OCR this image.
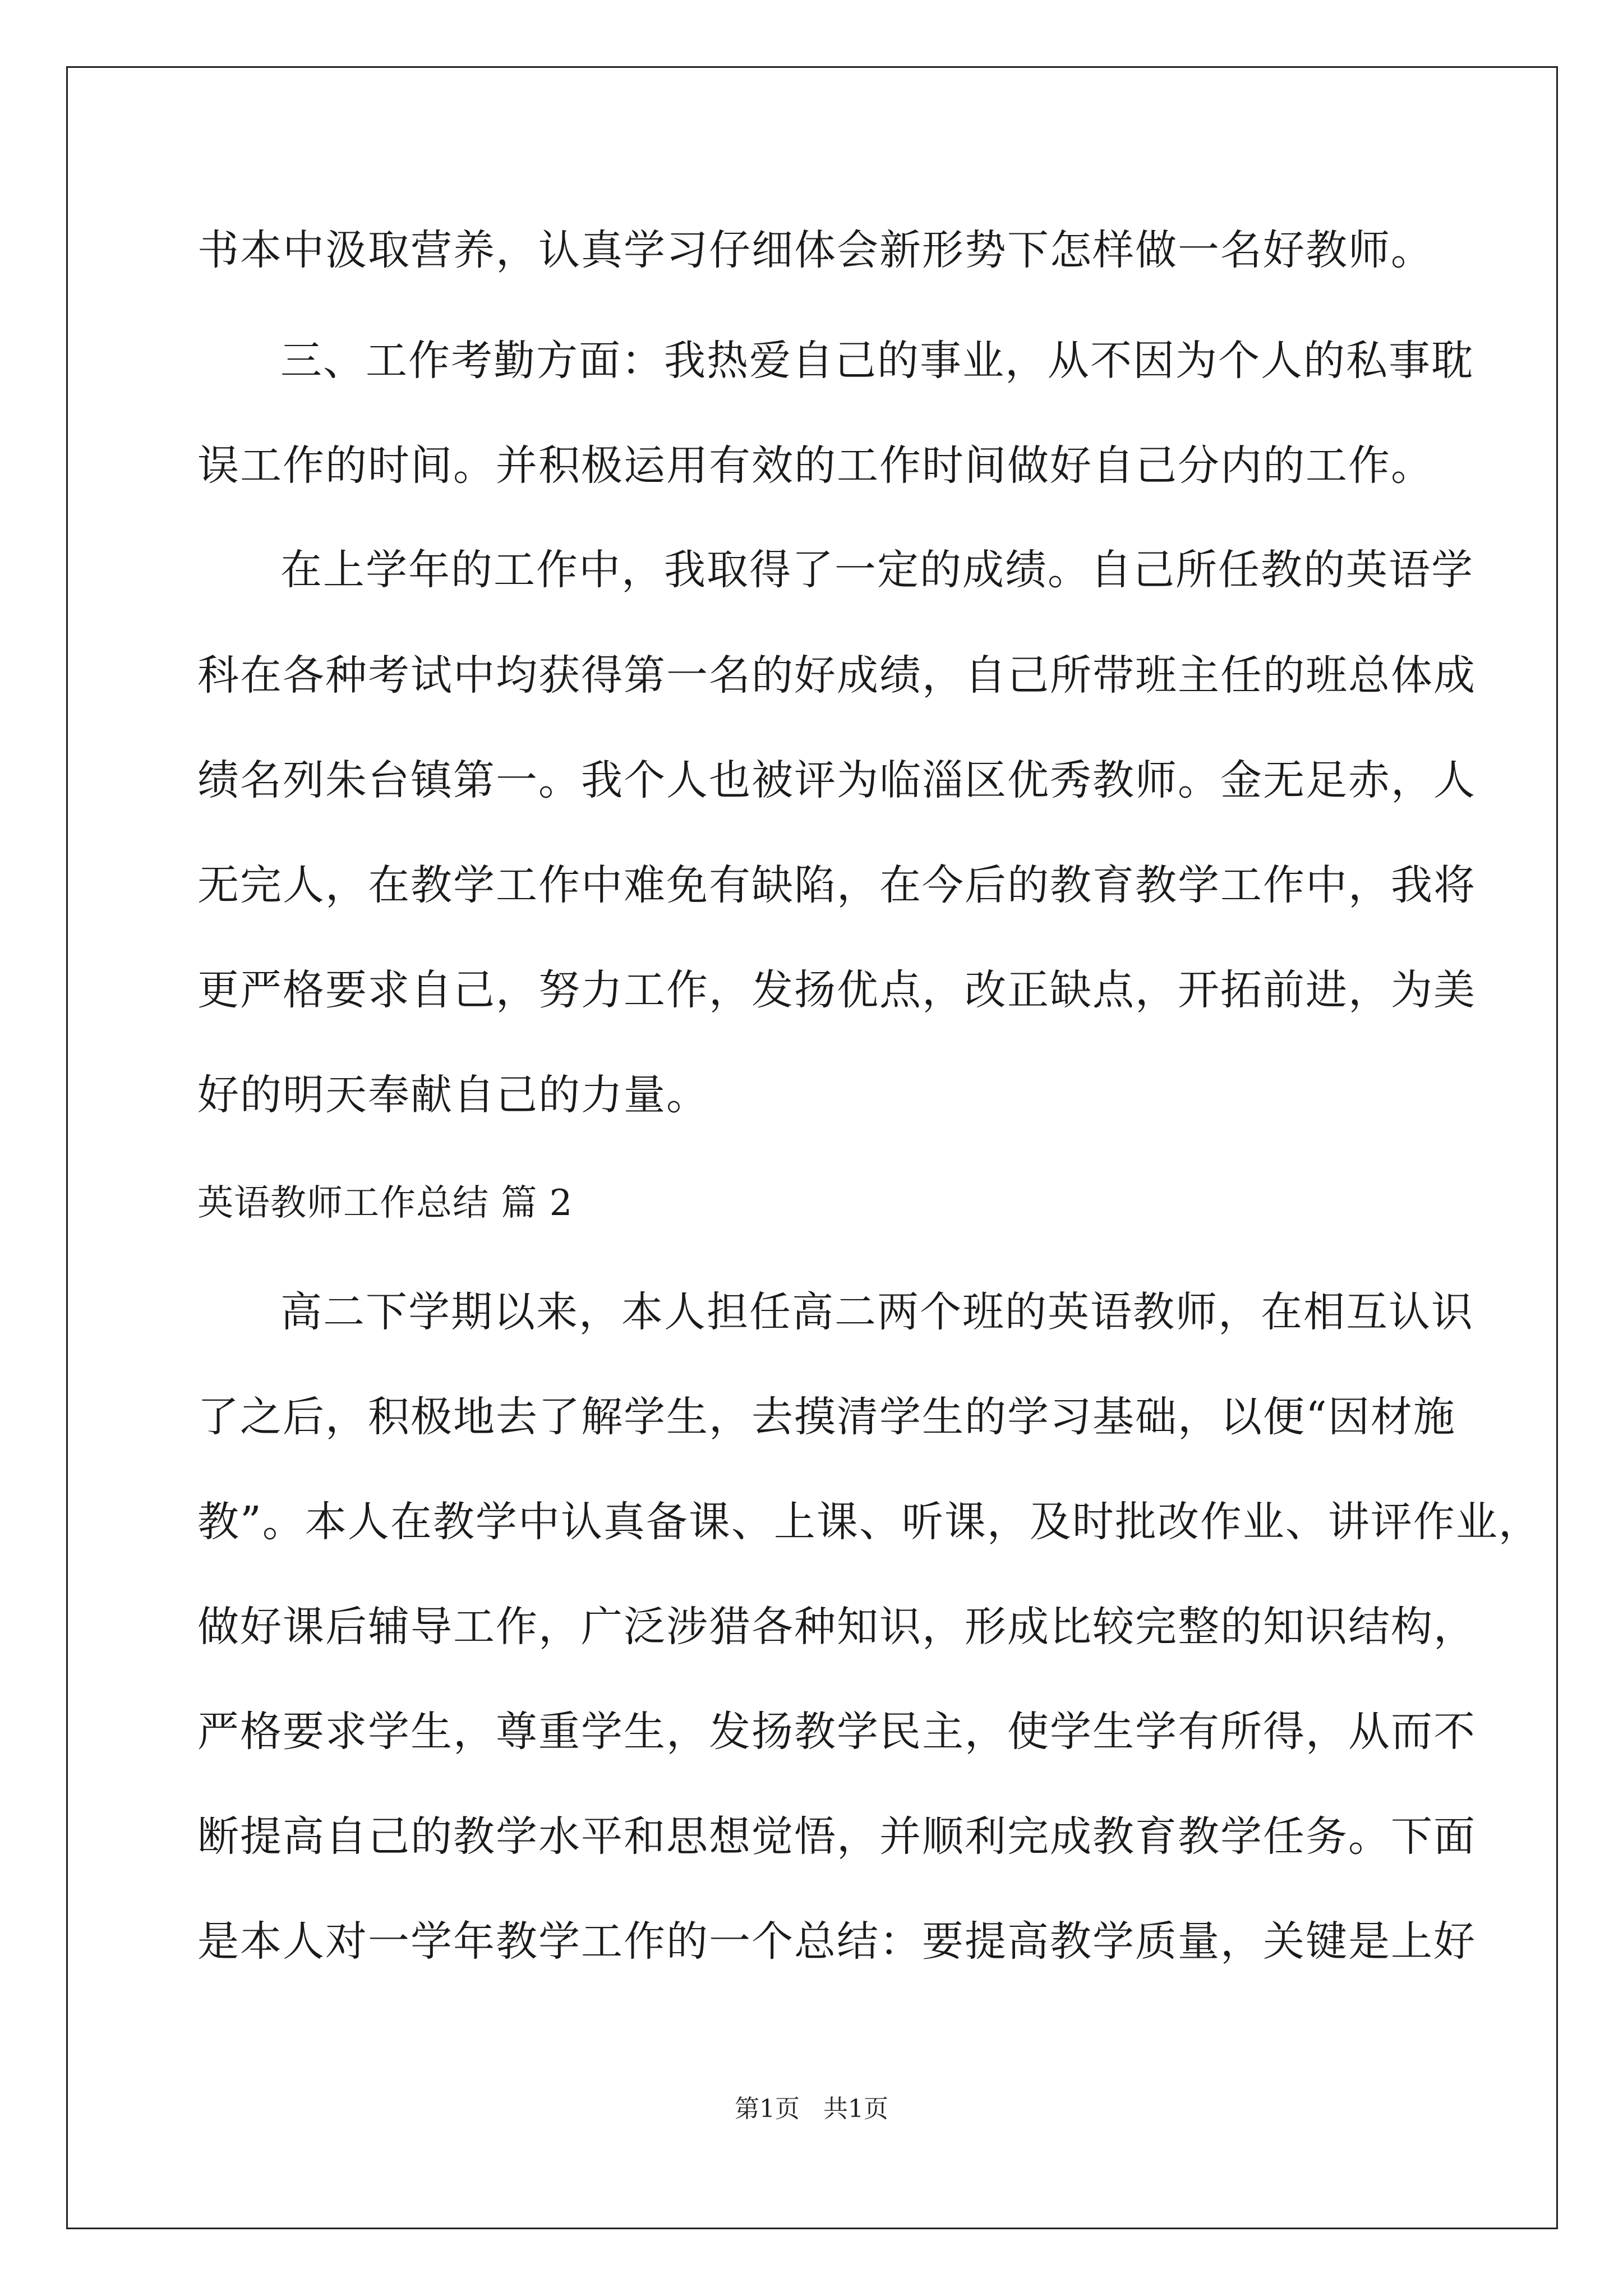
书本中汲取营养，认真学习仔细体会新形势下怎样做一名好教师。
三、工作考勤方面：我热爱自己的事业，从不因为个人的私事耽
误工作的时间。并积极运用有效的工作时间做好自己分内的工作。
在上学年的工作中，我取得了一定的成绩。自己所任教的英语学
科在各种考试中均获得第一名的好成绩，自己所带班主任的班总体成
绩名列朱台镇第一。我个人也被评为临淄区优秀教师。金无足赤，人
无完人，在教学工作中难免有缺陷，在今后的教育教学工作中，我将
更严格要求自己，努力工作，发扬优点，改正缺点，开拓前进，为美
好的明天奉献自己的力量。
英语教师工作总结 篇 2
高二下学期以来，本人担任高二两个班的英语教师，在相互认识
了之后，积极地去了解学生，去摸清学生的学习基础，以便“因材施
教”。本人在教学中认真备课、上课、听课，及时批改作业、讲评作业，
做好课后辅导工作，广泛涉猎各种知识，形成比较完整的知识结构，
严格要求学生，尊重学生，发扬教学民主，使学生学有所得，从而不
断提高自己的教学水平和思想觉悟，并顺利完成教育教学任务。下面
是本人对一学年教学工作的一个总结：要提高教学质量，关键是上好
第1页   共1页
